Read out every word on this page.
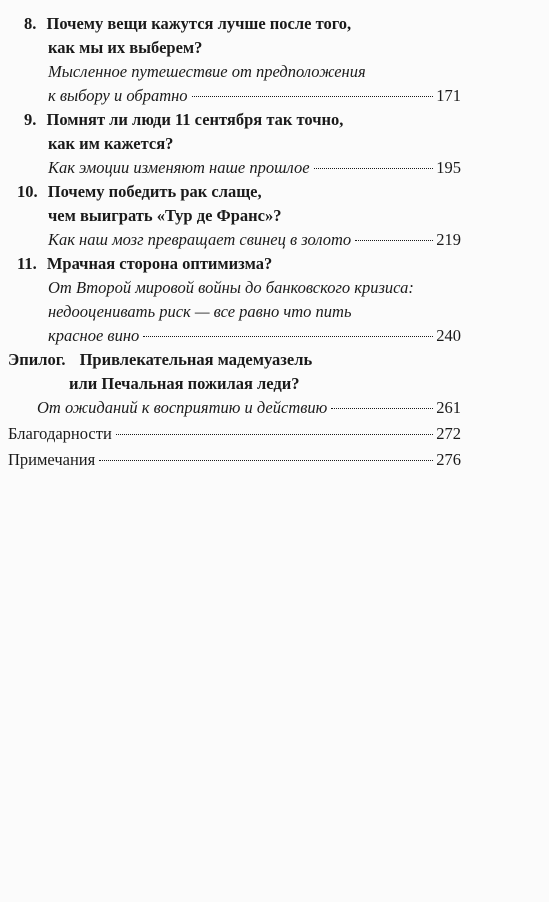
8. Почему вещи кажутся лучше после того,
как мы их выберем?
Мысленное путешествие от предположения
к выбору и обратно	171
9. Помнят ли люди 11 сентября так точно,
как им кажется?
Как эмоции изменяют наше прошлое	195
10. Почему победить рак слаще,
чем выиграть «Тур де Франс»?
Как наш мозг превращает свинец в золото	219
11. Мрачная сторона оптимизма?
От Второй мировой войны до банковского кризиса:
недооценивать риск — все равно что пить
красное вино	240
Эпилог. Привлекательная мадемуазель
или Печальная пожилая леди?
От ожиданий к восприятию и действию	261
Благодарности	272
Примечания	276
